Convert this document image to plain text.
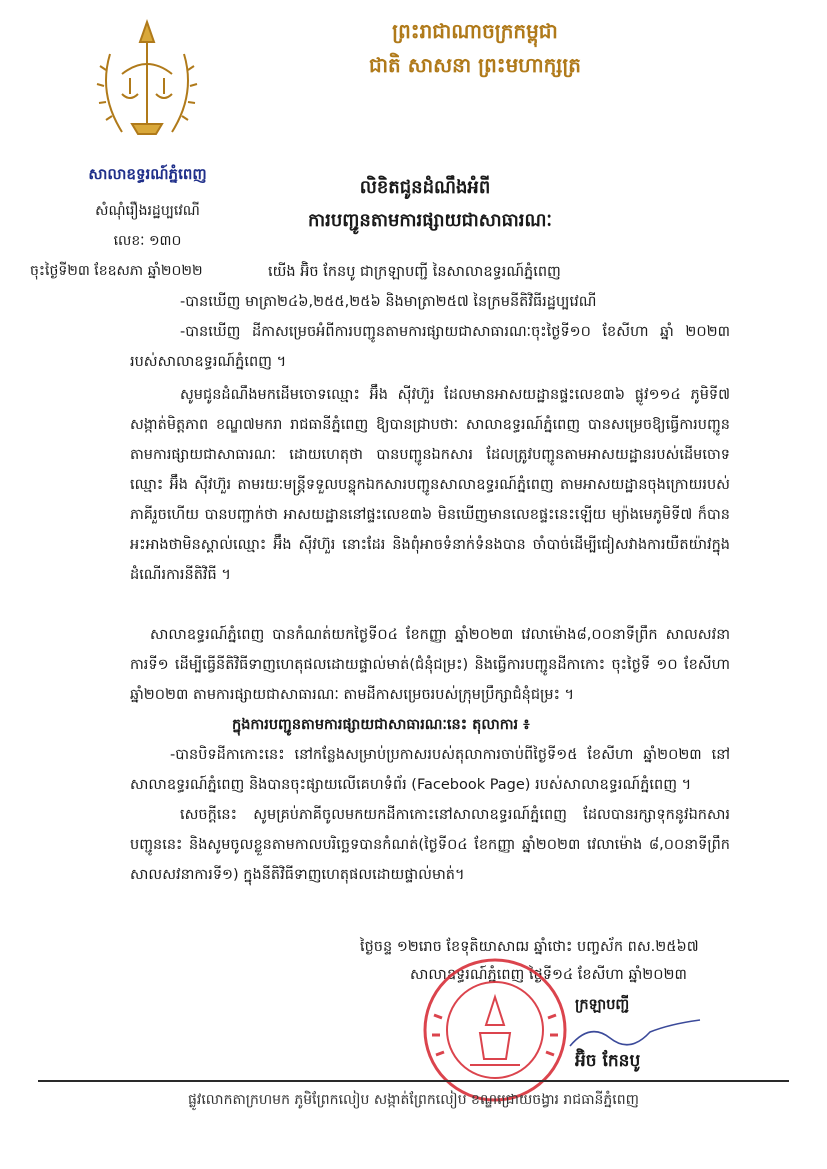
ព្រះរាជាណាចក្រកម្ពុជា
ជាតិ សាសនា ព្រះមហាក្សត្រ
សាលាឧទ្ធរណ៍ភ្នំពេញ
សំណុំរឿងរដ្ឋប្បវេណី
លេខៈ ១៣០
ចុះថ្ងៃទី២៣ ខែឧសភា ឆ្នាំ២០២២
លិខិតជូនដំណឹងអំពី
ការបញ្ជូនតាមការផ្សាយជាសាធារណៈ
យើង អ៊ិច កែនបូ ជាក្រឡាបញ្ជី នៃសាលាឧទ្ធរណ៍ភ្នំពេញ
-បានឃើញ មាត្រា២៤៦,២៥៥,២៥៦ និងមាត្រា២៥៧ នៃក្រមនីតិវិធីរដ្ឋប្បវេណី
-បានឃើញ ដីកាសម្រេចអំពីការបញ្ជូនតាមការផ្សាយជាសាធារណៈចុះថ្ងៃទី១០ ខែសីហា ឆ្នាំ ២០២៣ របស់សាលាឧទ្ធរណ៍ភ្នំពេញ ។
សូមជូនដំណឹងមកដើមចោទឈ្មោះ អ៊ឹង ស៊ីវហ៊ួរ ដែលមានអាសយដ្ឋានផ្ទះលេខ៣៦ ផ្លូវ១១៤ ភូមិទី៧ សង្កាត់មិត្តភាព ខណ្ឌ៧មករា រាជធានីភ្នំពេញ ឱ្យបានជ្រាបថាៈ សាលាឧទ្ធរណ៍ភ្នំពេញ បានសម្រេចឱ្យធ្វើការបញ្ជូនតាមការផ្សាយជាសាធារណៈ ដោយហេតុថា បានបញ្ជូនឯកសារ ដែលត្រូវបញ្ជូនតាមអាសយដ្ឋានរបស់ដើមចោទឈ្មោះ អ៊ឹង ស៊ីវហ៊ួរ តាមរយៈមន្រ្តីទទួលបន្ទុកឯកសារបញ្ជូនសាលាឧទ្ធរណ៍ភ្នំពេញ តាមអាសយដ្ឋានចុងក្រោយរបស់ភាគីរួចហើយ បានបញ្ជាក់ថា អាសយដ្ឋាននៅផ្ទះលេខ៣៦ មិនឃើញមានលេខផ្ទះនេះឡើយ ម្យ៉ាងមេភូមិទី៧ ក៏បានអះអាងថាមិនស្គាល់ឈ្មោះ អ៊ឹង ស៊ីវហ៊ួរ នោះដែរ និងពុំអាចទំនាក់ទំនងបាន ចាំបាច់ដើម្បីជៀសវាងការយឺតយ៉ាវក្នុងដំណើរការនីតិវិធី ។
សាលាឧទ្ធរណ៍ភ្នំពេញ បានកំណត់យកថ្ងៃទី០៤ ខែកញ្ញា ឆ្នាំ២០២៣ វេលាម៉ោង៨,០០នាទីព្រឹក សាលសវនាការទី១ ដើម្បីធ្វើនីតិវិធីទាញហេតុផលដោយផ្ទាល់មាត់(ជំនុំជម្រះ) និងធ្វើការបញ្ជូនដីកាកោះ ចុះថ្ងៃទី ១០ ខែសីហា ឆ្នាំ២០២៣ តាមការផ្សាយជាសាធារណៈ តាមដីកាសម្រេចរបស់ក្រុមប្រឹក្សាជំនុំជម្រះ ។
ក្នុងការបញ្ជូនតាមការផ្សាយជាសាធារណៈនេះ តុលាការ ៖
-បានបិទដីកាកោះនេះ នៅកន្លែងសម្រាប់ប្រកាសរបស់តុលាការចាប់ពីថ្ងៃទី១៥ ខែសីហា ឆ្នាំ២០២៣ នៅសាលាឧទ្ធរណ៍ភ្នំពេញ និងបានចុះផ្សាយលើគេហទំព័រ (Facebook Page) របស់សាលាឧទ្ធរណ៍ភ្នំពេញ ។
សេចក្តីនេះ សូមគ្រប់ភាគីចូលមកយកដីកាកោះនៅសាលាឧទ្ធរណ៍ភ្នំពេញ ដែលបានរក្សាទុកនូវឯកសារបញ្ជូននេះ និងសូមចូលខ្លួនតាមកាលបរិច្ឆេទបានកំណត់(ថ្ងៃទី០៤ ខែកញ្ញា ឆ្នាំ២០២៣ វេលាម៉ោង ៨,០០នាទីព្រឹក សាលសវនាការទី១) ក្នុងនីតិវិធីទាញហេតុផលដោយផ្ទាល់មាត់។
ថ្ងៃចន្ទ ១២រោច ខែទុតិយាសាឍ ឆ្នាំថោះ បញ្ចស័ក ពស.២៥៦៧
សាលាឧទ្ធរណ៍ភ្នំពេញ ថ្ងៃទី១៤ ខែសីហា ឆ្នាំ២០២៣
ក្រឡាបញ្ជី
អ៊ិច កែនបូ
ផ្លូវលោកតាក្រហមក ភូមិព្រែកលៀប សង្កាត់ព្រែកលៀប ខណ្ឌជ្រោយចង្វារ រាជធានីភ្នំពេញ
